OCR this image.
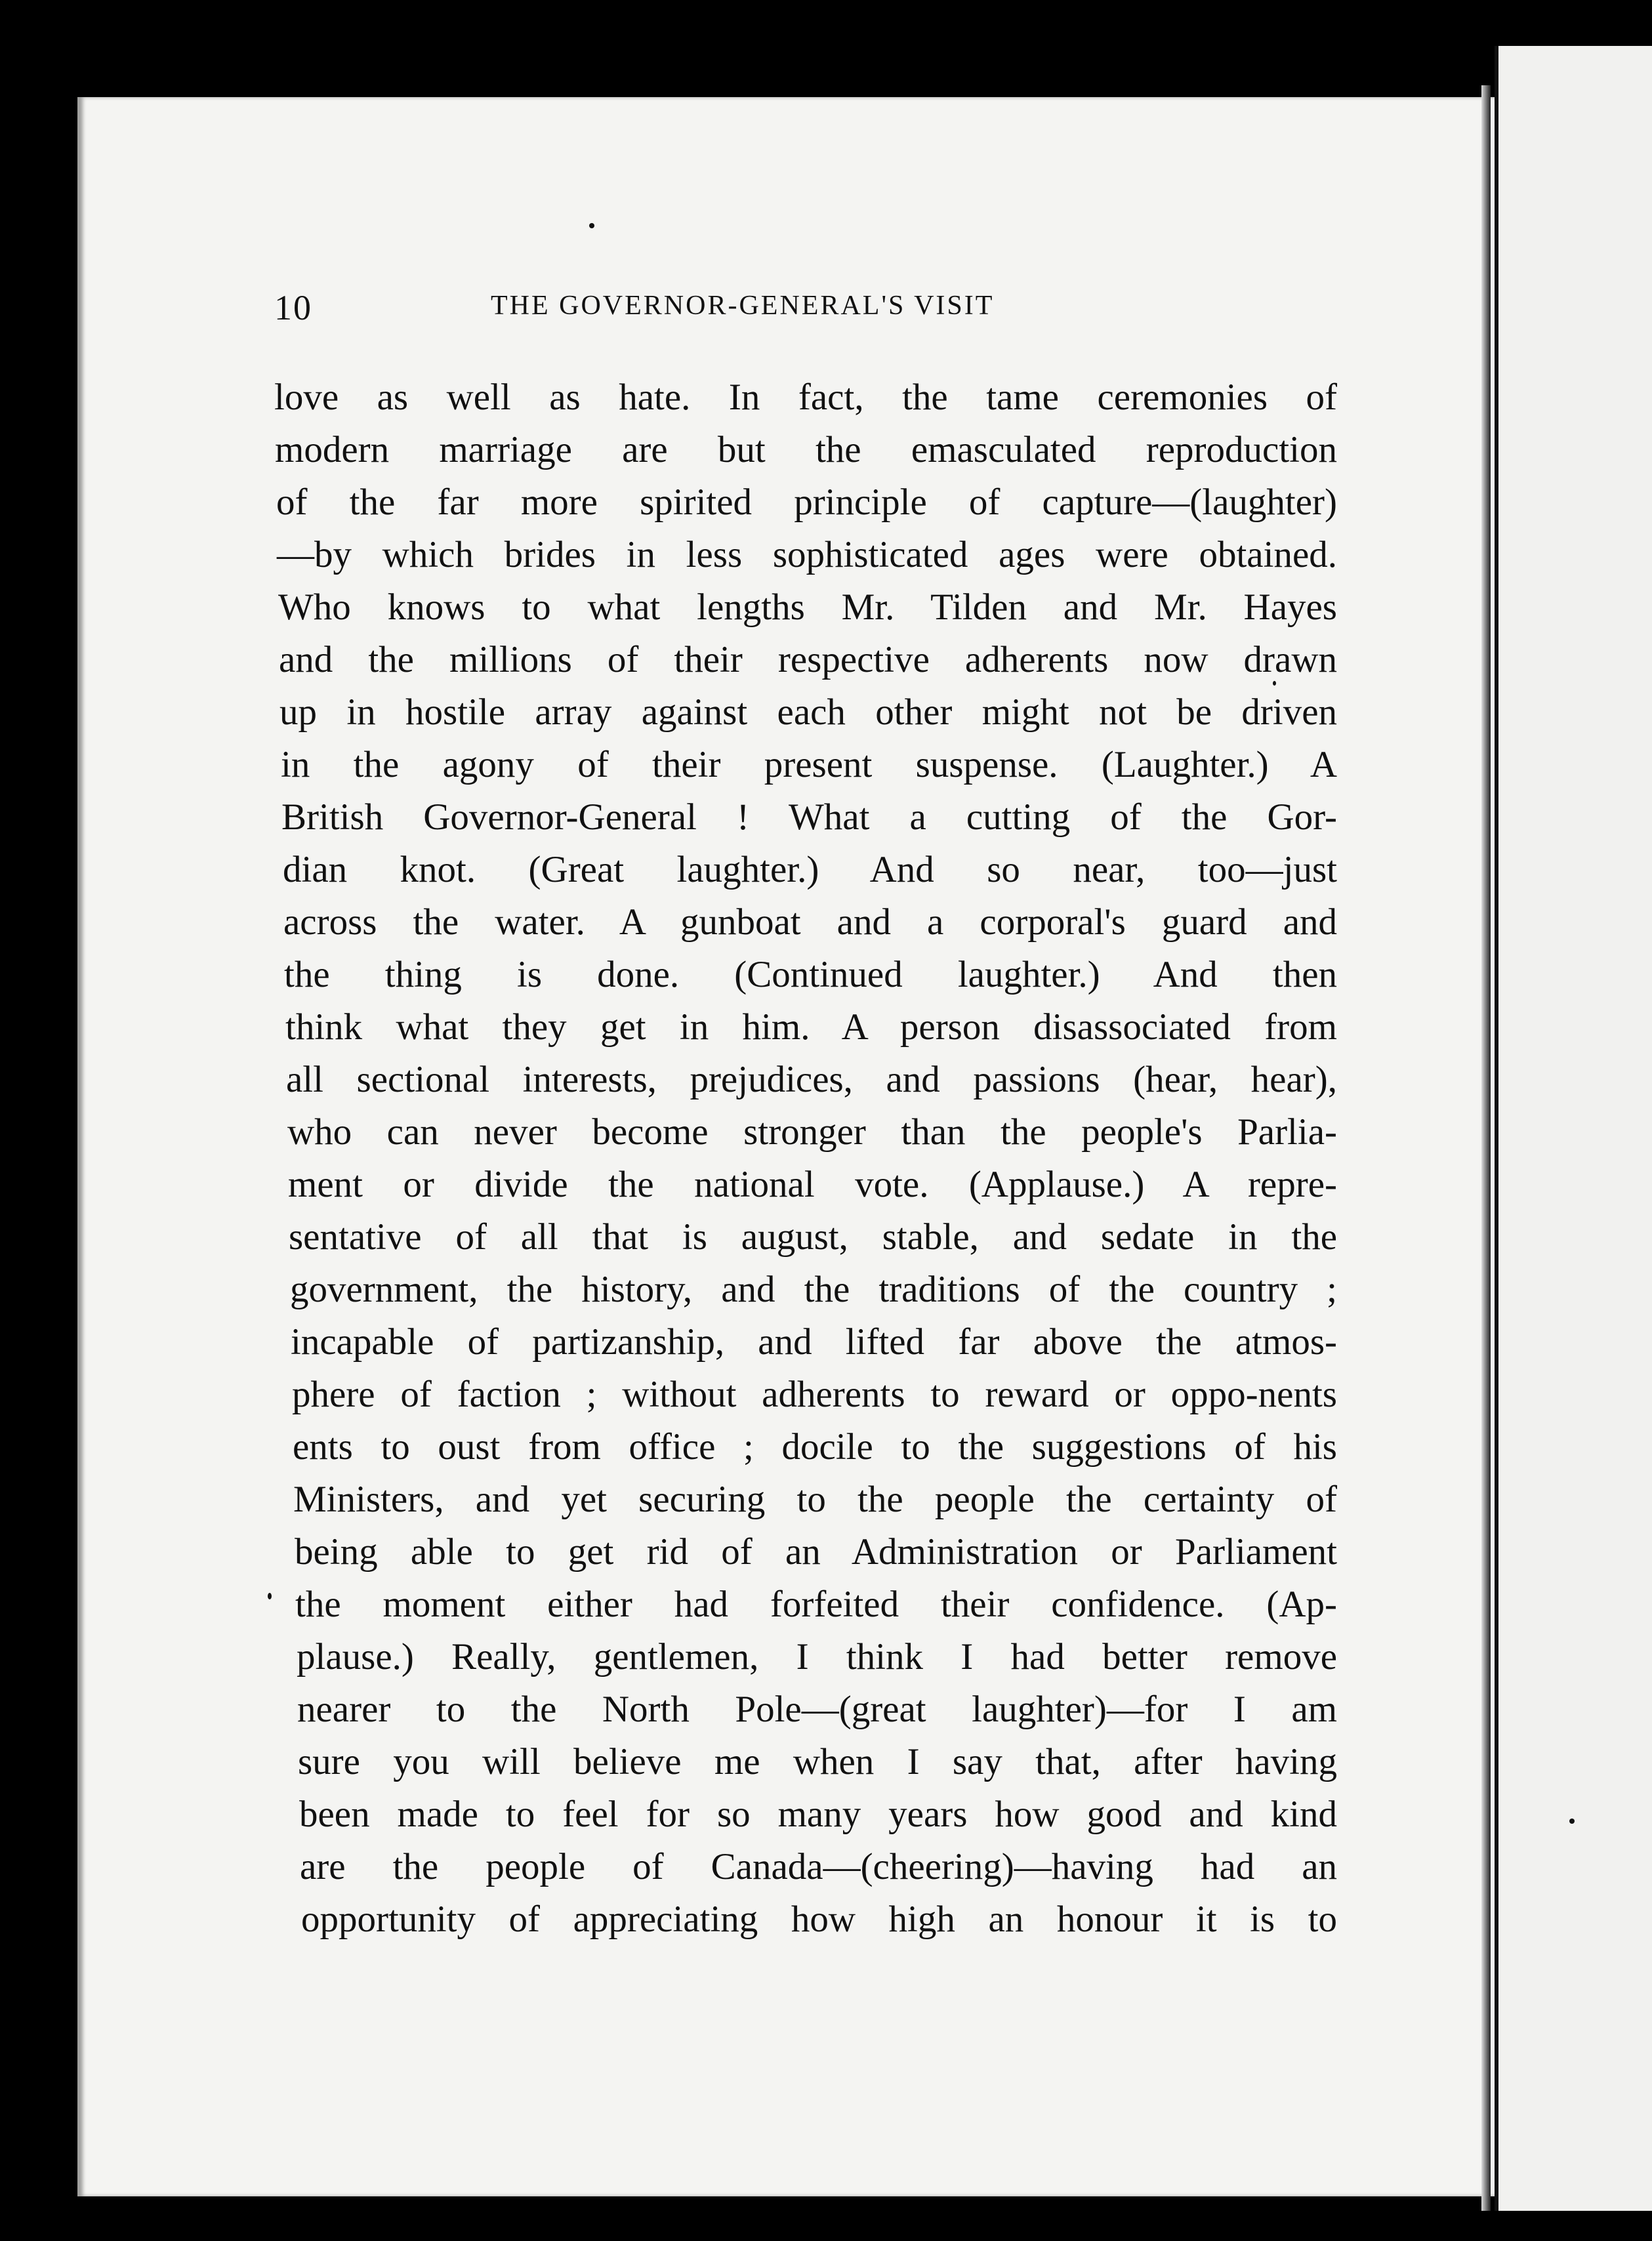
10	THE GOVERNOR-GENERAL'S VISIT
love as well as hate. In fact, the tame ceremonies of
modern marriage are but the emasculated reproduction
of the far more spirited principle of capture—(laughter)
—by which brides in less sophisticated ages were obtained.
Who knows to what lengths Mr. Tilden and Mr. Hayes
and the millions of their respective adherents now drawn
up in hostile array against each other might not be driven
in the agony of their present suspense. (Laughter.) A
British Governor-General ! What a cutting of the Gor-
dian knot. (Great laughter.) And so near, too—just
across the water. A gunboat and a corporal's guard and
the thing is done. (Continued laughter.) And then
think what they get in him. A person disassociated from
all sectional interests, prejudices, and passions (hear, hear),
who can never become stronger than the people's Parlia-
ment or divide the national vote. (Applause.) A repre-
sentative of all that is august, stable, and sedate in the
government, the history, and the traditions of the country ;
incapable of partizanship, and lifted far above the atmos-
phere of faction ; without adherents to reward or oppo-nents
ents to oust from office ; docile to the suggestions of his
Ministers, and yet securing to the people the certainty of
being able to get rid of an Administration or Parliament
the moment either had forfeited their confidence. (Ap-
plause.) Really, gentlemen, I think I had better remove
nearer to the North Pole—(great laughter)—for I am
sure you will believe me when I say that, after having
been made to feel for so many years how good and kind
are the people of Canada—(cheering)—having had an
opportunity of appreciating how high an honour it is to
